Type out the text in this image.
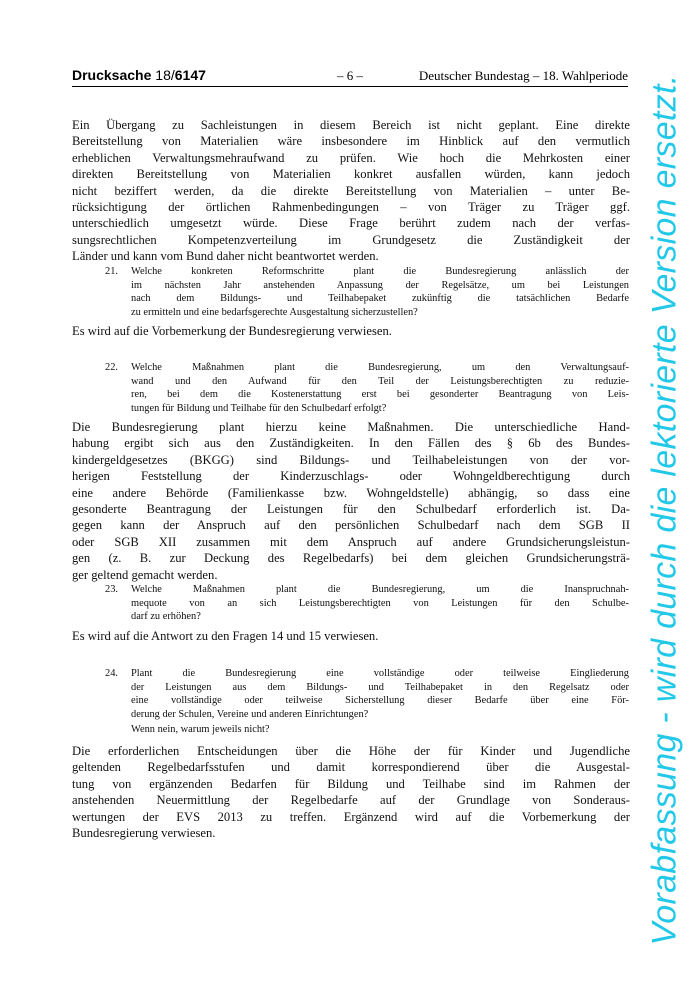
Drucksache 18/6147	– 6 –	Deutscher Bundestag – 18. Wahlperiode
Ein Übergang zu Sachleistungen in diesem Bereich ist nicht geplant. Eine direkte
Bereitstellung von Materialien wäre insbesondere im Hinblick auf den vermutlich
erheblichen Verwaltungsmehraufwand zu prüfen. Wie hoch die Mehrkosten einer
direkten Bereitstellung von Materialien konkret ausfallen würden, kann jedoch
nicht beziffert werden, da die direkte Bereitstellung von Materialien – unter Be-
rücksichtigung der örtlichen Rahmenbedingungen – von Träger zu Träger ggf.
unterschiedlich umgesetzt würde. Diese Frage berührt zudem nach der verfas-
sungsrechtlichen Kompetenzverteilung im Grundgesetz die Zuständigkeit der
Länder und kann vom Bund daher nicht beantwortet werden.
21. Welche konkreten Reformschritte plant die Bundesregierung anlässlich der
im nächsten Jahr anstehenden Anpassung der Regelsätze, um bei Leistungen
nach dem Bildungs- und Teilhabepaket zukünftig die tatsächlichen Bedarfe
zu ermitteln und eine bedarfsgerechte Ausgestaltung sicherzustellen?
Es wird auf die Vorbemerkung der Bundesregierung verwiesen.
22. Welche Maßnahmen plant die Bundesregierung, um den Verwaltungsauf-
wand und den Aufwand für den Teil der Leistungsberechtigten zu reduzie-
ren, bei dem die Kostenerstattung erst bei gesonderter Beantragung von Leis-
tungen für Bildung und Teilhabe für den Schulbedarf erfolgt?
Die Bundesregierung plant hierzu keine Maßnahmen. Die unterschiedliche Hand-
habung ergibt sich aus den Zuständigkeiten. In den Fällen des § 6b des Bundes-
kindergeldgesetzes (BKGG) sind Bildungs- und Teilhabeleistungen von der vor-
herigen Feststellung der Kinderzuschlags- oder Wohngeldberechtigung durch
eine andere Behörde (Familienkasse bzw. Wohngeldstelle) abhängig, so dass eine
gesonderte Beantragung der Leistungen für den Schulbedarf erforderlich ist. Da-
gegen kann der Anspruch auf den persönlichen Schulbedarf nach dem SGB II
oder SGB XII zusammen mit dem Anspruch auf andere Grundsicherungsleistun-
gen (z. B. zur Deckung des Regelbedarfs) bei dem gleichen Grundsicherungsträ-
ger geltend gemacht werden.
23. Welche Maßnahmen plant die Bundesregierung, um die Inanspruchnah-
mequote von an sich Leistungsberechtigten von Leistungen für den Schulbe-
darf zu erhöhen?
Es wird auf die Antwort zu den Fragen 14 und 15 verwiesen.
24. Plant die Bundesregierung eine vollständige oder teilweise Eingliederung
der Leistungen aus dem Bildungs- und Teilhabepaket in den Regelsatz oder
eine vollständige oder teilweise Sicherstellung dieser Bedarfe über eine För-
derung der Schulen, Vereine und anderen Einrichtungen?
Wenn nein, warum jeweils nicht?
Die erforderlichen Entscheidungen über die Höhe der für Kinder und Jugendliche
geltenden Regelbedarfsstufen und damit korrespondierend über die Ausgestal-
tung von ergänzenden Bedarfen für Bildung und Teilhabe sind im Rahmen der
anstehenden Neuermittlung der Regelbedarfe auf der Grundlage von Sonderaus-
wertungen der EVS 2013 zu treffen. Ergänzend wird auf die Vorbemerkung der
Bundesregierung verwiesen.	Vorabfassung - wird durch die lektorierte Version ersetzt.
